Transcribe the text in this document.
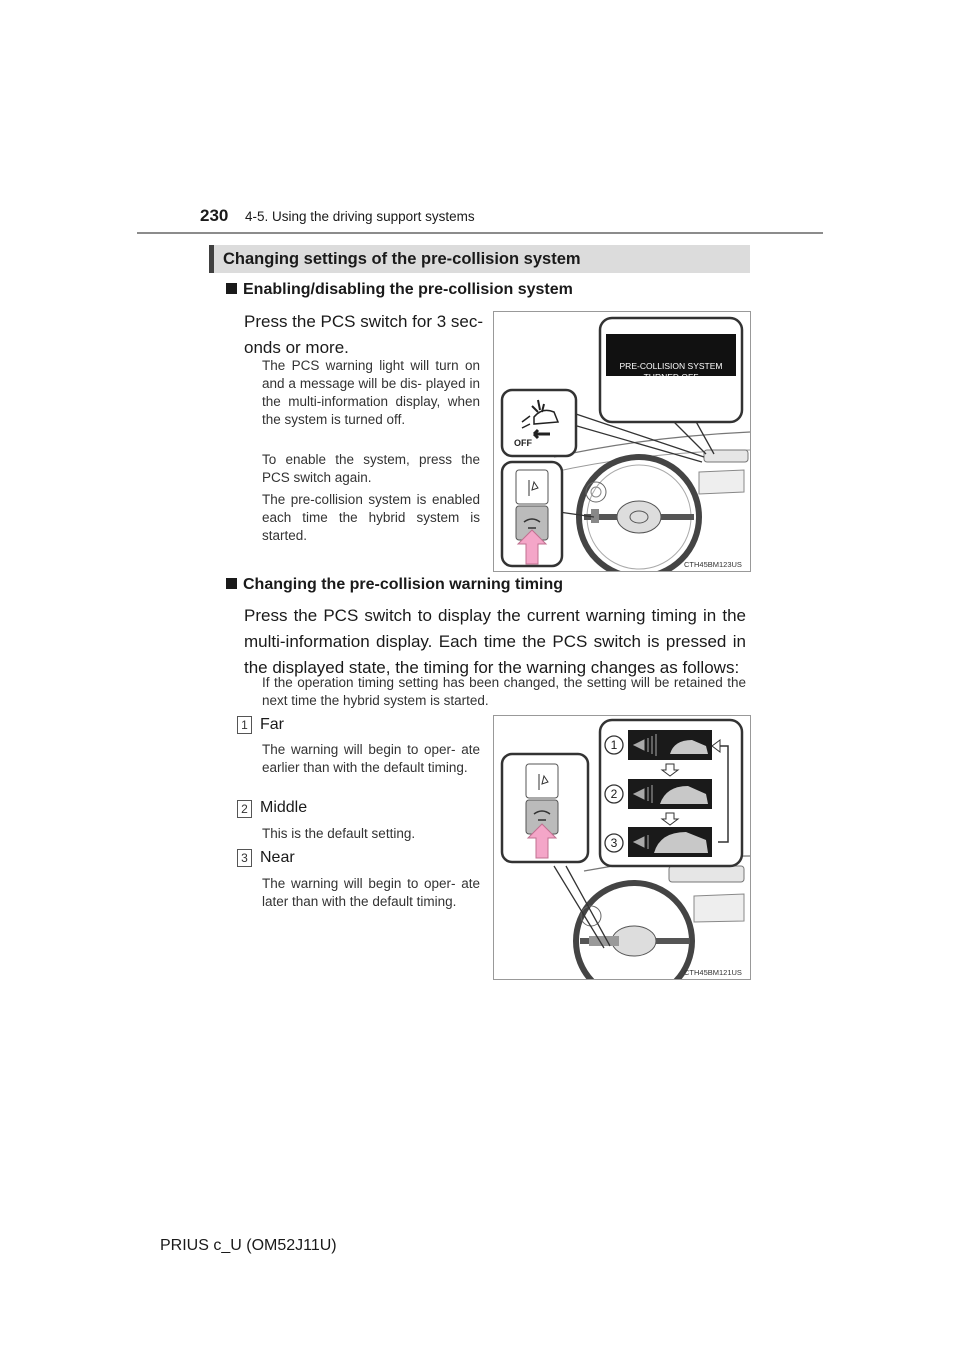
230 4-5. Using the driving support systems
Changing settings of the pre-collision system
Enabling/disabling the pre-collision system
Press the PCS switch for 3 sec-
onds or more.
The PCS warning light will turn on and a message will be dis- played in the multi-information display, when the system is turned off.
To enable the system, press the PCS switch again.
The pre-collision system is enabled each time the hybrid system is started.
PRE-COLLISION SYSTEM
TURNED OFF
OFF
CTH45BM123US
Changing the pre-collision warning timing
Press the PCS switch to display the current warning timing in the multi-information display. Each time the PCS switch is pressed in the displayed state, the timing for the warning changes as follows:
If the operation timing setting has been changed, the setting will be retained the next time the hybrid system is started.
1 Far
The warning will begin to oper- ate earlier than with the default timing.
2 Middle
This is the default setting.
3 Near
The warning will begin to oper- ate later than with the default timing.
1
2
3
CTH45BM121US
PRIUS c_U (OM52J11U)
